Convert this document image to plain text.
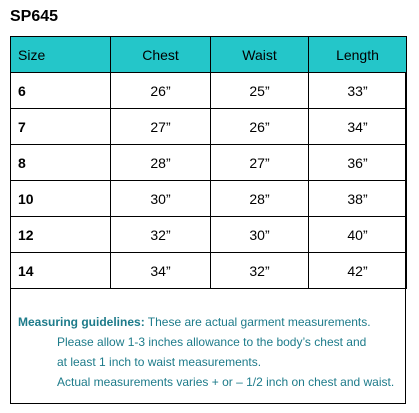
SP645
Size	Chest	Waist	Length
6	26”	25”	33”
7	27”	26”	34”
8	28”	27”	36”
10	30”	28”	38”
12	32”	30”	40”
14	34”	32”	42”
Measuring guidelines: These are actual garment measurements.
Please allow 1-3 inches allowance to the body’s chest and
at least 1 inch to waist measurements.
Actual measurements varies + or – 1/2 inch on chest and waist.
